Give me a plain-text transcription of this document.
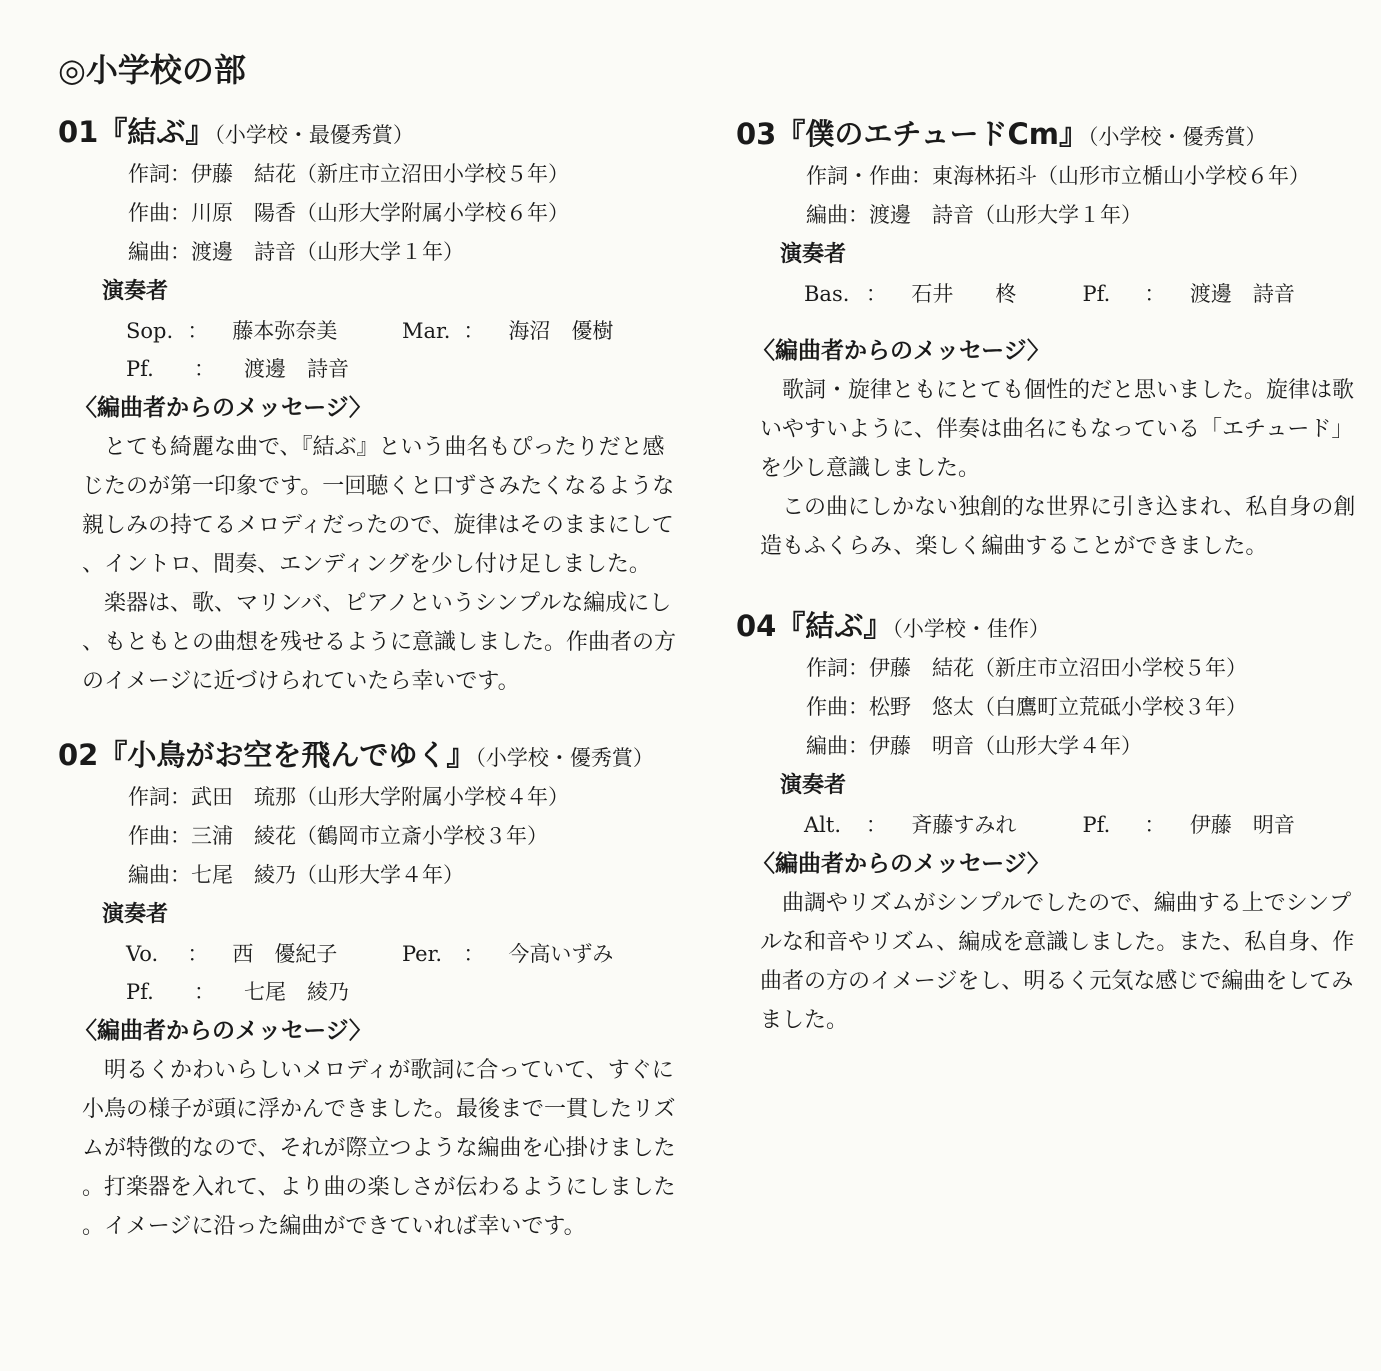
◎小学校の部
01『結ぶ』（小学校・最優秀賞）
作詞：伊藤　結花（新庄市立沼田小学校５年）
作曲：川原　陽香（山形大学附属小学校６年）
編曲：渡邊　詩音（山形大学１年）
演奏者
Sop. ：	藤本弥奈美	Mar. ：	海沼　優樹
Pf.	：	渡邊　詩音
〈編曲者からのメッセージ〉

とても綺麗な曲で、『結ぶ』という曲名もぴったりだと感じたのが第一印象です。一回聴くと口ずさみたくなるような親しみの持てるメロディだったので、旋律はそのままにして、イントロ、間奏、エンディングを少し付け足しました。

楽器は、歌、マリンバ、ピアノというシンプルな編成にし、もともとの曲想を残せるように意識しました。作曲者の方のイメージに近づけられていたら幸いです。

02『小鳥がお空を飛んでゆく』（小学校・優秀賞）
作詞：武田　琉那（山形大学附属小学校４年）
作曲：三浦　綾花（鶴岡市立斎小学校３年）
編曲：七尾　綾乃（山形大学４年）
演奏者
Vo.	：	西　優紀子	Per.	：	今高いずみ
Pf.	：	七尾　綾乃
〈編曲者からのメッセージ〉

明るくかわいらしいメロディが歌詞に合っていて、すぐに小鳥の様子が頭に浮かんできました。最後まで一貫したリズムが特徴的なので、それが際立つような編曲を心掛けました。打楽器を入れて、より曲の楽しさが伝わるようにしました。イメージに沿った編曲ができていれば幸いです。

03『僕のエチュードCm』（小学校・優秀賞）
作詞・作曲：東海林拓斗（山形市立楯山小学校６年）
編曲：渡邊　詩音（山形大学１年）
演奏者
Bas. ：	石井　　柊	Pf.	：	渡邊　詩音
〈編曲者からのメッセージ〉

歌詞・旋律ともにとても個性的だと思いました。旋律は歌いやすいように、伴奏は曲名にもなっている「エチュード」を少し意識しました。

この曲にしかない独創的な世界に引き込まれ、私自身の創造もふくらみ、楽しく編曲することができました。

04『結ぶ』（小学校・佳作）
作詞：伊藤　結花（新庄市立沼田小学校５年）
作曲：松野　悠太（白鷹町立荒砥小学校３年）
編曲：伊藤　明音（山形大学４年）
演奏者
Alt.	：	斉藤すみれ	Pf.	：	伊藤　明音
〈編曲者からのメッセージ〉

曲調やリズムがシンプルでしたので、編曲する上でシンプルな和音やリズム、編成を意識しました。また、私自身、作曲者の方のイメージをし、明るく元気な感じで編曲をしてみました。
